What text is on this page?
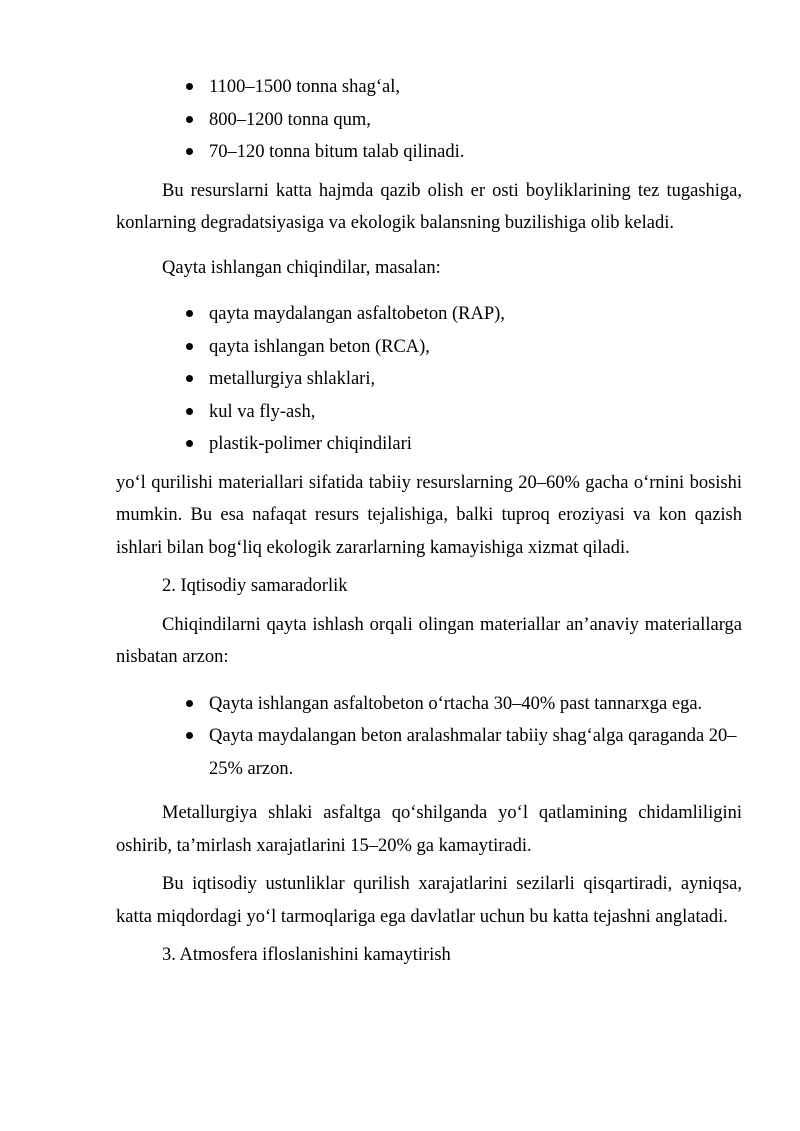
1100–1500 tonna shag‘al,
800–1200 tonna qum,
70–120 tonna bitum talab qilinadi.

Bu resurslarni katta hajmda qazib olish er osti boyliklarining tez tugashiga, konlarning degradatsiyasiga va ekologik balansning buzilishiga olib keladi.

Qayta ishlangan chiqindilar, masalan:

qayta maydalangan asfaltobeton (RAP),
qayta ishlangan beton (RCA),
metallurgiya shlaklari,
kul va fly-ash,
plastik-polimer chiqindilari

yo‘l qurilishi materiallari sifatida tabiiy resurslarning 20–60% gacha o‘rnini bosishi mumkin. Bu esa nafaqat resurs tejalishiga, balki tuproq eroziyasi va kon qazish ishlari bilan bog‘liq ekologik zararlarning kamayishiga xizmat qiladi.

2. Iqtisodiy samaradorlik

Chiqindilarni qayta ishlash orqali olingan materiallar an’anaviy materiallarga nisbatan arzon:

Qayta ishlangan asfaltobeton o‘rtacha 30–40% past tannarxga ega.
Qayta maydalangan beton aralashmalar tabiiy shag‘alga qaraganda 20–25% arzon.

Metallurgiya shlaki asfaltga qo‘shilganda yo‘l qatlamining chidamliligini oshirib, ta’mirlash xarajatlarini 15–20% ga kamaytiradi.

Bu iqtisodiy ustunliklar qurilish xarajatlarini sezilarli qisqartiradi, ayniqsa, katta miqdordagi yo‘l tarmoqlariga ega davlatlar uchun bu katta tejashni anglatadi.

3. Atmosfera ifloslanishini kamaytirish
